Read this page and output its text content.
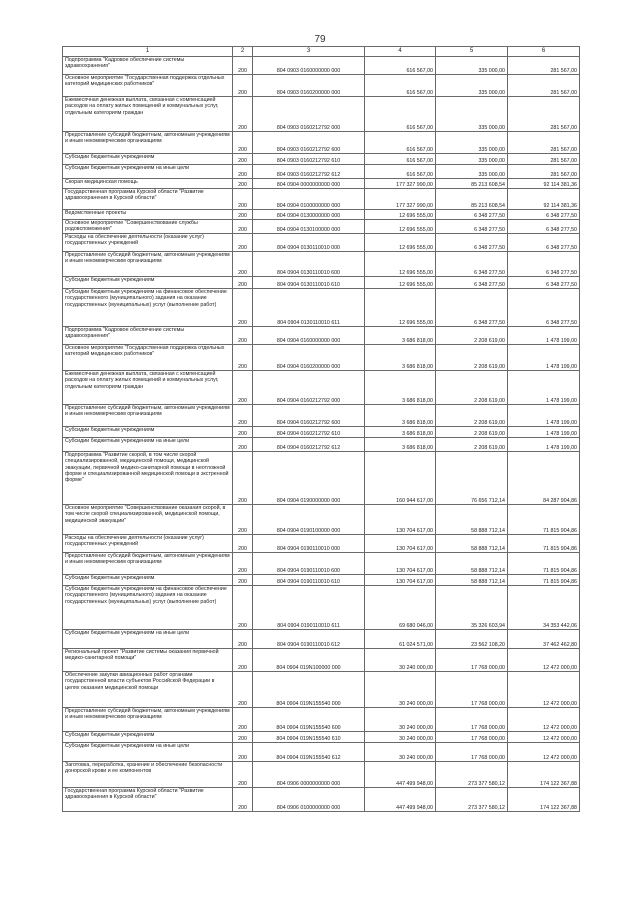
79
1	2	3	4	5	6
Подпрограмма "Кадровое обеспечение системы здравоохранения"	200	804 0903 0160000000 000	616 567,00	335 000,00	281 567,00
Основное мероприятие "Государственная поддержка отдельных категорий медицинских работников"	200	804 0903 0160200000 000	616 567,00	335 000,00	281 567,00
Ежемесячная денежная выплата, связанная с компенсацией расходов на оплату жилых помещений и коммунальных услуг, отдельным категориям граждан	200	804 0903 0160212792 000	616 567,00	335 000,00	281 567,00
Предоставление субсидий бюджетным, автономным учреждениям и иным некоммерческим организациям	200	804 0903 0160212792 600	616 567,00	335 000,00	281 567,00
Субсидии бюджетным учреждениям	200	804 0903 0160212792 610	616 567,00	335 000,00	281 567,00
Субсидии бюджетным учреждениям на иные цели	200	804 0903 0160212792 612	616 567,00	335 000,00	281 567,00
Скорая медицинская помощь	200	804 0904 0000000000 000	177 327 990,00	85 213 608,54	92 114 381,36
Государственная программа Курской области "Развитие здравоохранения в Курской области"	200	804 0904 0100000000 000	177 327 990,00	85 213 608,54	92 114 381,36
Ведомственные проекты	200	804 0904 0130000000 000	12 696 555,00	6 348 277,50	6 348 277,50
Основное мероприятие "Совершенствование службы родовспоможения"	200	804 0904 0130100000 000	12 696 555,00	6 348 277,50	6 348 277,50
Расходы на обеспечение деятельности (оказание услуг) государственных учреждений	200	804 0904 0130110010 000	12 696 555,00	6 348 277,50	6 348 277,50
Предоставление субсидий бюджетным, автономным учреждениям и иным некоммерческим организациям	200	804 0904 0130110010 600	12 696 555,00	6 348 277,50	6 348 277,50
Субсидии бюджетным учреждениям	200	804 0904 0130110010 610	12 696 555,00	6 348 277,50	6 348 277,50
Субсидии бюджетным учреждениям на финансовое обеспечение государственного (муниципального) задания на оказание государственных (муниципальных) услуг (выполнение работ)	200	804 0904 0130110010 611	12 696 555,00	6 348 277,50	6 348 277,50
Подпрограмма "Кадровое обеспечение системы здравоохранения"	200	804 0904 0160000000 000	3 686 818,00	2 208 619,00	1 478 199,00
Основное мероприятие "Государственная поддержка отдельных категорий медицинских работников"	200	804 0904 0160200000 000	3 686 818,00	2 208 619,00	1 478 199,00
Ежемесячная денежная выплата, связанная с компенсацией расходов на оплату жилых помещений и коммунальных услуг, отдельным категориям граждан	200	804 0904 0160212792 000	3 686 818,00	2 208 619,00	1 478 199,00
Предоставление субсидий бюджетным, автономным учреждениям и иным некоммерческим организациям	200	804 0904 0160212792 600	3 686 818,00	2 208 619,00	1 478 199,00
Субсидии бюджетным учреждениям	200	804 0904 0160212792 610	3 686 818,00	2 208 619,00	1 478 199,00
Субсидии бюджетным учреждениям на иные цели	200	804 0904 0160212792 612	3 686 818,00	2 208 619,00	1 478 199,00
Подпрограмма "Развитие скорой, в том числе скорой специализированной, медицинской помощи, медицинской эвакуации, первичной медико-санитарной помощи в неотложной форме и специализированной медицинской помощи в экстренной форме"	200	804 0904 0190000000 000	160 944 617,00	76 656 712,14	84 287 904,86
Основное мероприятие "Совершенствование оказания скорой, в том числе скорой специализированной, медицинской помощи, медицинской эвакуации"	200	804 0904 0190100000 000	130 704 617,00	58 888 712,14	71 815 904,86
Расходы на обеспечение деятельности (оказание услуг) государственных учреждений	200	804 0904 0190110010 000	130 704 617,00	58 888 712,14	71 815 904,86
Предоставление субсидий бюджетным, автономным учреждениям и иным некоммерческим организациям	200	804 0904 0190110010 600	130 704 617,00	58 888 712,14	71 815 904,86
Субсидии бюджетным учреждениям	200	804 0904 0190110010 610	130 704 617,00	58 888 712,14	71 815 904,86
Субсидии бюджетным учреждениям на финансовое обеспечение государственного (муниципального) задания на оказание государственных (муниципальных) услуг (выполнение работ)	200	804 0904 0190110010 611	69 680 046,00	35 326 603,94	34 353 442,06
Субсидии бюджетным учреждениям на иные цели	200	804 0904 0190110010 612	61 024 571,00	23 562 108,20	37 462 462,80
Региональный проект "Развитие системы оказания первичной медико-санитарной помощи"	200	804 0904 019N100000 000	30 240 000,00	17 768 000,00	12 472 000,00
Обеспечение закупки авиационных работ органами государственной власти субъектов Российской Федерации в целях оказания медицинской помощи	200	804 0904 019N155540 000	30 240 000,00	17 768 000,00	12 472 000,00
Предоставление субсидий бюджетным, автономным учреждениям и иным некоммерческим организациям	200	804 0904 019N155540 600	30 240 000,00	17 768 000,00	12 472 000,00
Субсидии бюджетным учреждениям	200	804 0904 019N155540 610	30 240 000,00	17 768 000,00	12 472 000,00
Субсидии бюджетным учреждениям на иные цели	200	804 0904 019N155540 612	30 240 000,00	17 768 000,00	12 472 000,00
Заготовка, переработка, хранение и обеспечение безопасности донорской крови и ее компонентов	200	804 0906 0000000000 000	447 499 948,00	273 377 580,12	174 122 367,88
Государственная программа Курской области "Развитие здравоохранения в Курской области"	200	804 0906 0100000000 000	447 499 948,00	273 377 580,12	174 122 367,88
